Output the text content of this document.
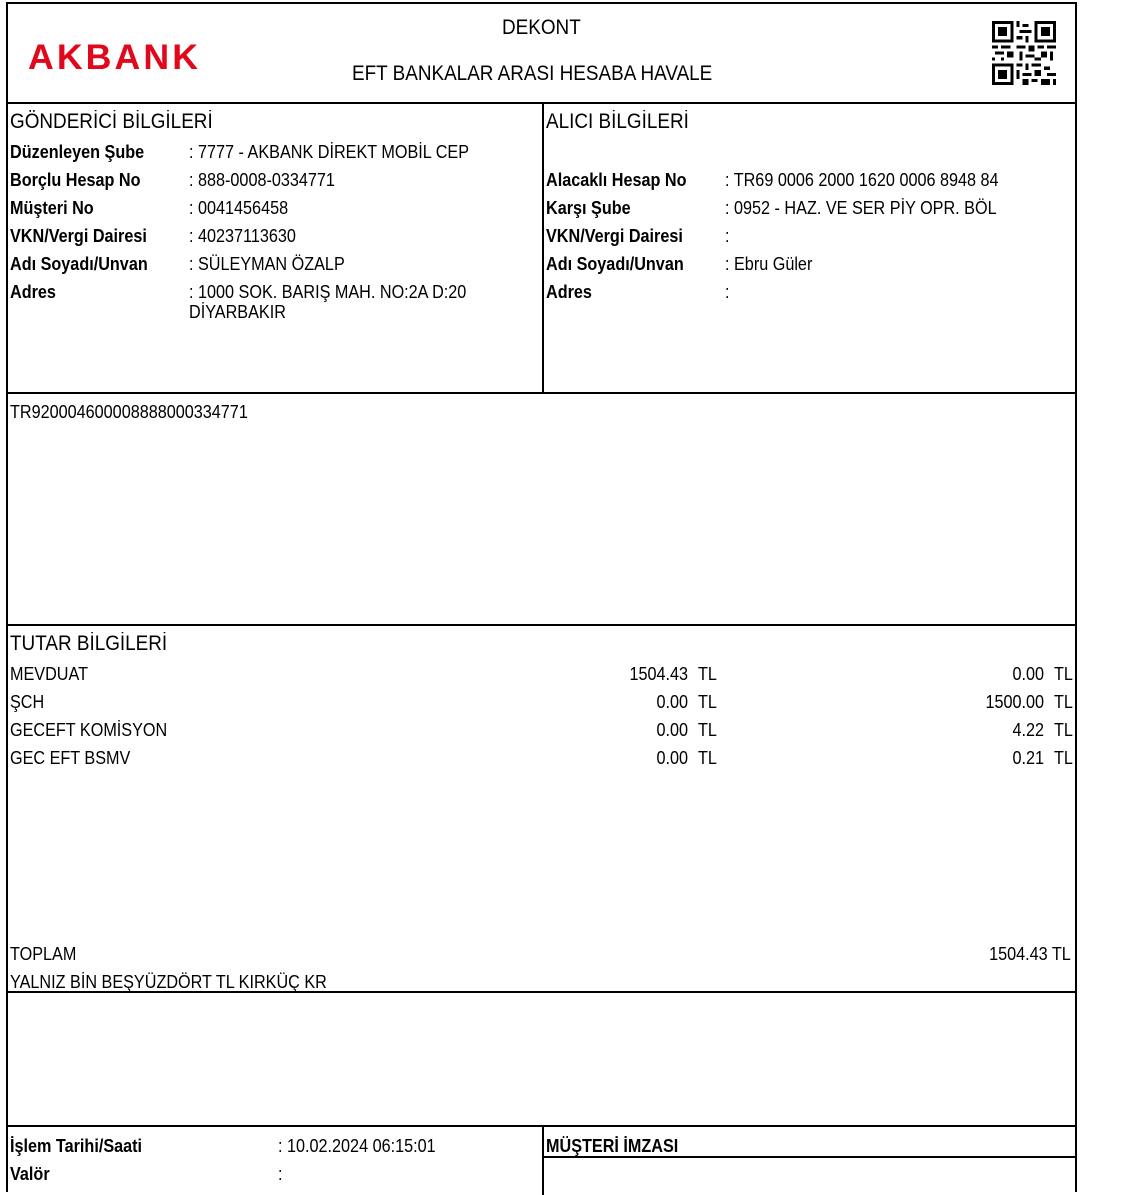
AKBANK
DEKONT
EFT BANKALAR ARASI HESABA HAVALE
GÖNDERİCİ BİLGİLERİ
Düzenleyen Şube : 7777 - AKBANK DİREKT MOBİL CEP
Borçlu Hesap No	: 888-0008-0334771
Müşteri No	: 0041456458
VKN/Vergi Dairesi : 40237113630
Adı Soyadı/Unvan : SÜLEYMAN ÖZALP
Adres	: 1000 SOK. BARIŞ MAH. NO:2A D:20
DİYARBAKIR
ALICI BİLGİLERİ
Alacaklı Hesap No : TR69 0006 2000 1620 0006 8948 84
Karşı Şube	: 0952 - HAZ. VE SER PİY OPR. BÖL
VKN/Vergi Dairesi :
Adı Soyadı/Unvan : Ebru Güler
Adres	:
TR920004600008888000334771
TUTAR BİLGİLERİ
MEVDUAT	1504.43 TL	0.00 TL
ŞCH	0.00 TL	1500.00 TL
GECEFT KOMİSYON	0.00 TL	4.22 TL
GEC EFT BSMV	0.00 TL	0.21 TL
TOPLAM	1504.43 TL
YALNIZ BİN BEŞYÜZDÖRT TL KIRKÜÇ KR
İşlem Tarihi/Saati	: 10.02.2024 06:15:01
Valör	:
MÜŞTERİ İMZASI
